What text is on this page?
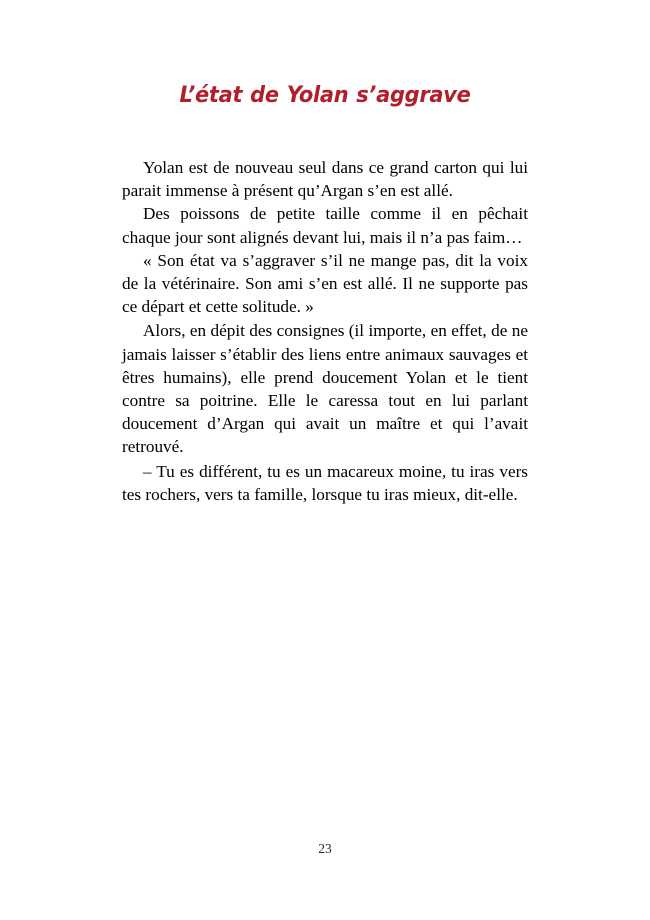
L’état de Yolan s’aggrave

Yolan est de nouveau seul dans ce grand carton qui lui parait immense à présent qu’Argan s’en est allé.

Des poissons de petite taille comme il en pêchait chaque jour sont alignés devant lui, mais il n’a pas faim…

« Son état va s’aggraver s’il ne mange pas, dit la voix de la vétérinaire. Son ami s’en est allé. Il ne supporte pas ce départ et cette solitude. »

Alors, en dépit des consignes (il importe, en effet, de ne jamais laisser s’établir des liens entre animaux sauvages et êtres humains), elle prend doucement Yolan et le tient contre sa poitrine. Elle le caressa tout en lui parlant doucement d’Argan qui avait un maître et qui l’avait retrouvé.

– Tu es différent, tu es un macareux moine, tu iras vers tes rochers, vers ta famille, lorsque tu iras mieux, dit-elle.

23
